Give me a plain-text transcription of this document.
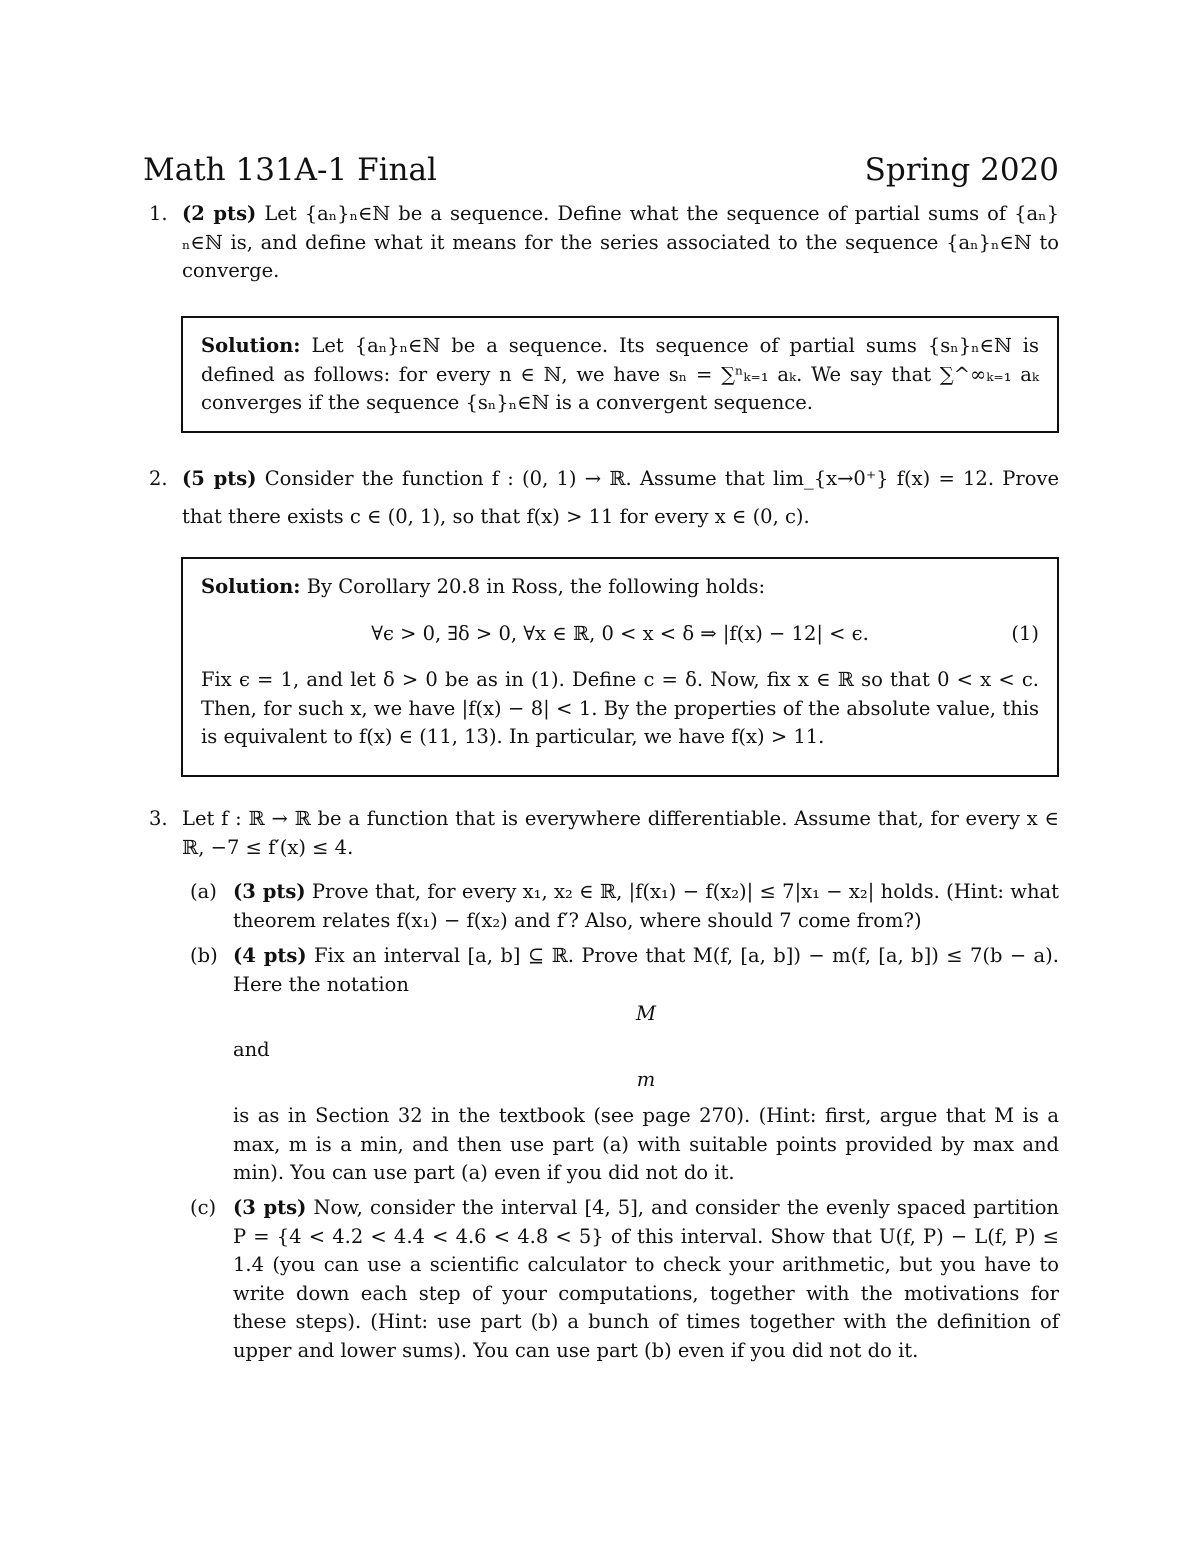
Math 131A-1 Final	Spring 2020
1. (2 pts) Let {aₙ}ₙ∈ℕ be a sequence. Define what the sequence of partial sums of {aₙ}ₙ∈ℕ is, and define what it means for the series associated to the sequence {aₙ}ₙ∈ℕ to converge.
Solution: Let {aₙ}ₙ∈ℕ be a sequence. Its sequence of partial sums {sₙ}ₙ∈ℕ is defined as follows: for every n ∈ ℕ, we have sₙ = ∑ⁿₖ₌₁ aₖ. We say that ∑^∞ₖ₌₁ aₖ converges if the sequence {sₙ}ₙ∈ℕ is a convergent sequence.
2. (5 pts) Consider the function f : (0, 1) → ℝ. Assume that lim_{x→0⁺} f(x) = 12. Prove that there exists c ∈ (0, 1), so that f(x) > 11 for every x ∈ (0, c).
Solution: By Corollary 20.8 in Ross, the following holds:
∀ϵ > 0, ∃δ > 0, ∀x ∈ ℝ, 0 < x < δ ⇒ |f(x) − 12| < ϵ.	(1)
Fix ϵ = 1, and let δ > 0 be as in (1). Define c = δ. Now, fix x ∈ ℝ so that 0 < x < c. Then, for such x, we have |f(x) − 8| < 1. By the properties of the absolute value, this is equivalent to f(x) ∈ (11, 13). In particular, we have f(x) > 11.
3. Let f : ℝ → ℝ be a function that is everywhere differentiable. Assume that, for every x ∈ ℝ, −7 ≤ f′(x) ≤ 4.
(a) (3 pts) Prove that, for every x₁, x₂ ∈ ℝ, |f(x₁) − f(x₂)| ≤ 7|x₁ − x₂| holds. (Hint: what theorem relates f(x₁) − f(x₂) and f′? Also, where should 7 come from?)
(b) (4 pts) Fix an interval [a, b] ⊆ ℝ. Prove that M(f, [a, b]) − m(f, [a, b]) ≤ 7(b − a). Here the notation
M
and
m
is as in Section 32 in the textbook (see page 270). (Hint: first, argue that M is a max, m is a min, and then use part (a) with suitable points provided by max and min). You can use part (a) even if you did not do it.
(c) (3 pts) Now, consider the interval [4, 5], and consider the evenly spaced partition P = {4 < 4.2 < 4.4 < 4.6 < 4.8 < 5} of this interval. Show that U(f, P) − L(f, P) ≤ 1.4 (you can use a scientific calculator to check your arithmetic, but you have to write down each step of your computations, together with the motivations for these steps). (Hint: use part (b) a bunch of times together with the definition of upper and lower sums). You can use part (b) even if you did not do it.
